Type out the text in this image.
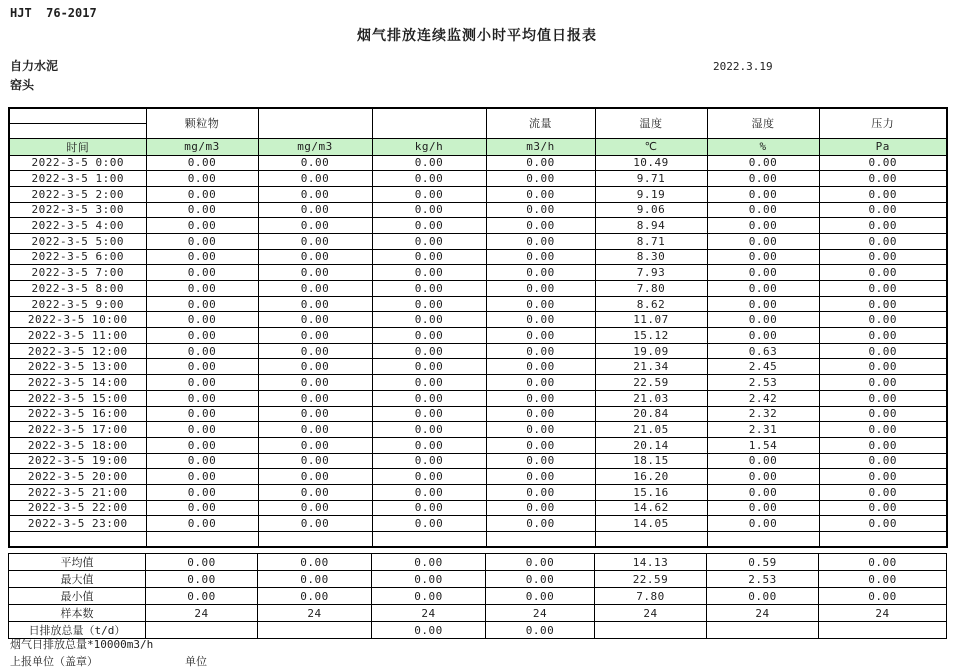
HJT  76-2017
烟气排放连续监测小时平均值日报表
自力水泥
窑头
2022.3.19
	颗粒物			流量	温度	湿度	压力

时间	mg/m3	mg/m3	kg/h	m3/h	℃	%	Pa
2022-3-5 0:00	0.00	0.00	0.00	0.00	10.49	0.00	0.00
2022-3-5 1:00	0.00	0.00	0.00	0.00	9.71	0.00	0.00
2022-3-5 2:00	0.00	0.00	0.00	0.00	9.19	0.00	0.00
2022-3-5 3:00	0.00	0.00	0.00	0.00	9.06	0.00	0.00
2022-3-5 4:00	0.00	0.00	0.00	0.00	8.94	0.00	0.00
2022-3-5 5:00	0.00	0.00	0.00	0.00	8.71	0.00	0.00
2022-3-5 6:00	0.00	0.00	0.00	0.00	8.30	0.00	0.00
2022-3-5 7:00	0.00	0.00	0.00	0.00	7.93	0.00	0.00
2022-3-5 8:00	0.00	0.00	0.00	0.00	7.80	0.00	0.00
2022-3-5 9:00	0.00	0.00	0.00	0.00	8.62	0.00	0.00
2022-3-5 10:00	0.00	0.00	0.00	0.00	11.07	0.00	0.00
2022-3-5 11:00	0.00	0.00	0.00	0.00	15.12	0.00	0.00
2022-3-5 12:00	0.00	0.00	0.00	0.00	19.09	0.63	0.00
2022-3-5 13:00	0.00	0.00	0.00	0.00	21.34	2.45	0.00
2022-3-5 14:00	0.00	0.00	0.00	0.00	22.59	2.53	0.00
2022-3-5 15:00	0.00	0.00	0.00	0.00	21.03	2.42	0.00
2022-3-5 16:00	0.00	0.00	0.00	0.00	20.84	2.32	0.00
2022-3-5 17:00	0.00	0.00	0.00	0.00	21.05	2.31	0.00
2022-3-5 18:00	0.00	0.00	0.00	0.00	20.14	1.54	0.00
2022-3-5 19:00	0.00	0.00	0.00	0.00	18.15	0.00	0.00
2022-3-5 20:00	0.00	0.00	0.00	0.00	16.20	0.00	0.00
2022-3-5 21:00	0.00	0.00	0.00	0.00	15.16	0.00	0.00
2022-3-5 22:00	0.00	0.00	0.00	0.00	14.62	0.00	0.00
2022-3-5 23:00	0.00	0.00	0.00	0.00	14.05	0.00	0.00

平均值	0.00	0.00	0.00	0.00	14.13	0.59	0.00
最大值	0.00	0.00	0.00	0.00	22.59	2.53	0.00
最小值	0.00	0.00	0.00	0.00	7.80	0.00	0.00
样本数	24	24	24	24	24	24	24
日排放总量（t/d）			0.00	0.00			
烟气日排放总量*10000m3/h
上报单位（盖章）	单位
